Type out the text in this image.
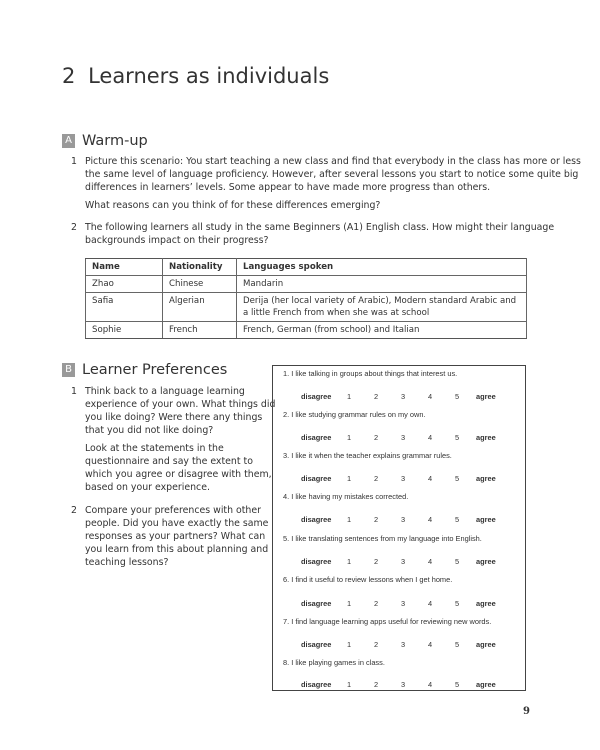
2 Learners as individuals
A Warm-up
1 Picture this scenario: You start teaching a new class and find that everybody in the class has more or less
the same level of language proficiency. However, after several lessons you start to notice some quite big
differences in learners’ levels. Some appear to have made more progress than others.
What reasons can you think of for these differences emerging?
2 The following learners all study in the same Beginners (A1) English class. How might their language
backgrounds impact on their progress?
Name	Nationality	Languages spoken
Zhao	Chinese	Mandarin
Safia	Algerian	Derija (her local variety of Arabic), Modern standard Arabic and a little French from when she was at school
Sophie	French	French, German (from school) and Italian
B Learner Preferences
1 Think back to a language learning
experience of your own. What things did
you like doing? Were there any things
that you did not like doing?
Look at the statements in the
questionnaire and say the extent to
which you agree or disagree with them,
based on your experience.
2 Compare your preferences with other
people. Did you have exactly the same
responses as your partners? What can
you learn from this about planning and
teaching lessons?
1. I like talking in groups about things that interest us.
disagree 1	2	3	4	5 agree
2. I like studying grammar rules on my own.
disagree 1	2	3	4	5 agree
3. I like it when the teacher explains grammar rules.
disagree 1	2	3	4	5 agree
4. I like having my mistakes corrected.
disagree 1	2	3	4	5 agree
5. I like translating sentences from my language into English.
disagree 1	2	3	4	5 agree
6. I find it useful to review lessons when I get home.
disagree 1	2	3	4	5 agree
7. I find language learning apps useful for reviewing new words.
disagree 1	2	3	4	5 agree
8. I like playing games in class.
disagree 1	2	3	4	5 agree
9
